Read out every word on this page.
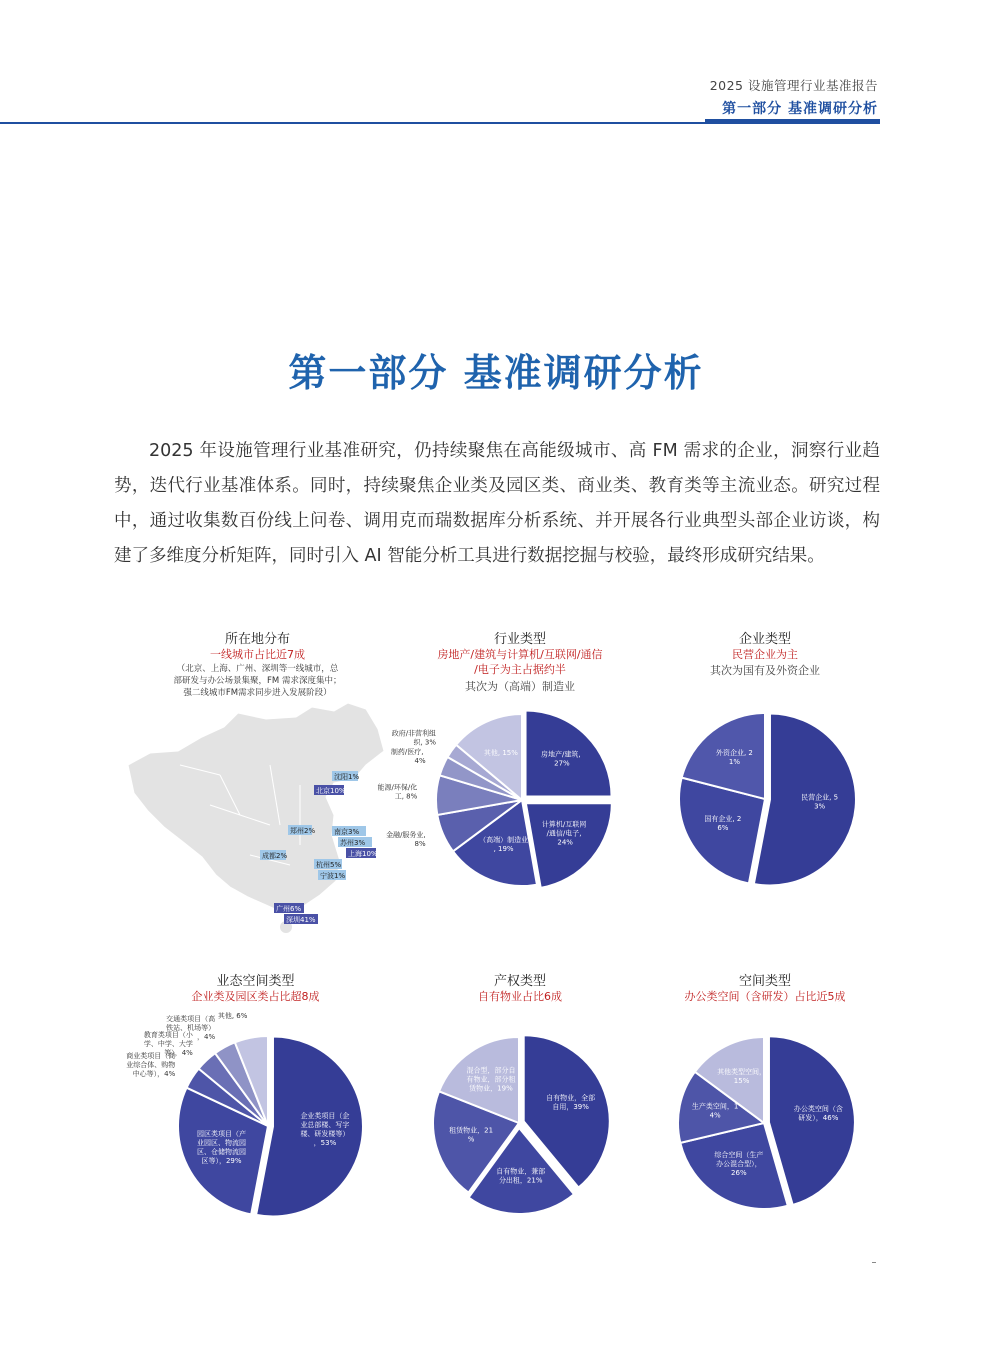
2025 设施管理行业基准报告
第一部分 基准调研分析
第一部分 基准调研分析
2025 年设施管理行业基准研究，仍持续聚焦在高能级城市、高 FM 需求的企业，洞察行业趋势，迭代行业基准体系。同时，持续聚焦企业类及园区类、商业类、教育类等主流业态。研究过程中，通过收集数百份线上问卷、调用克而瑞数据库分析系统、并开展各行业典型头部企业访谈，构建了多维度分析矩阵，同时引入 AI 智能分析工具进行数据挖掘与校验，最终形成研究结果。
所在地分布
一线城市占比近7成
（北京、上海、广州、深圳等一线城市，总
部研发与办公场景集聚，FM 需求深度集中；
强二线城市FM需求同步进入发展阶段）
沈阳1%
北京10%
郑州2%	南京3%
苏州3%
上海10%
成都2%
杭州5%
宁波1%
广州6%
深圳41%
行业类型
房地产/建筑与计算机/互联网/通信
/电子为主占据约半
其次为（高端）制造业
房地产/建筑, 27%
计算机/互联网/通信/电子, 24%
（高端）制造业, 19%
金融/服务业, 8%
能源/环保/化工, 8%
制药/医疗, 4%
政府/非营利组织, 3%
其他, 15%
企业类型
民营企业为主
其次为国有及外资企业
民营企业, 5 3%
国有企业, 2 6%
外资企业, 2 1%
业态空间类型
企业类及园区类占比超8成
企业类项目（企业总部楼、写字楼、研发楼等），53%
园区类项目（产业园区、物流园区、仓储物流园区等），29%
商业类项目（商业综合体、购物中心等），4%
教育类项目（小学、中学、大学等），4%
交通类项目（高铁站、机场等），4%
其他, 6%
产权类型
自有物业占比6成
自有物业，全部自用，39%
自有物业，兼部分出租，21%
租赁物业，21 %
混合型，部分自有物业，部分租赁物业，19%
空间类型
办公类空间（含研发）占比近5成
办公类空间（含研发），46%
综合空间（生产办公混合型）， 26%
生产类空间，1 4%
其他类型空间， 15%
